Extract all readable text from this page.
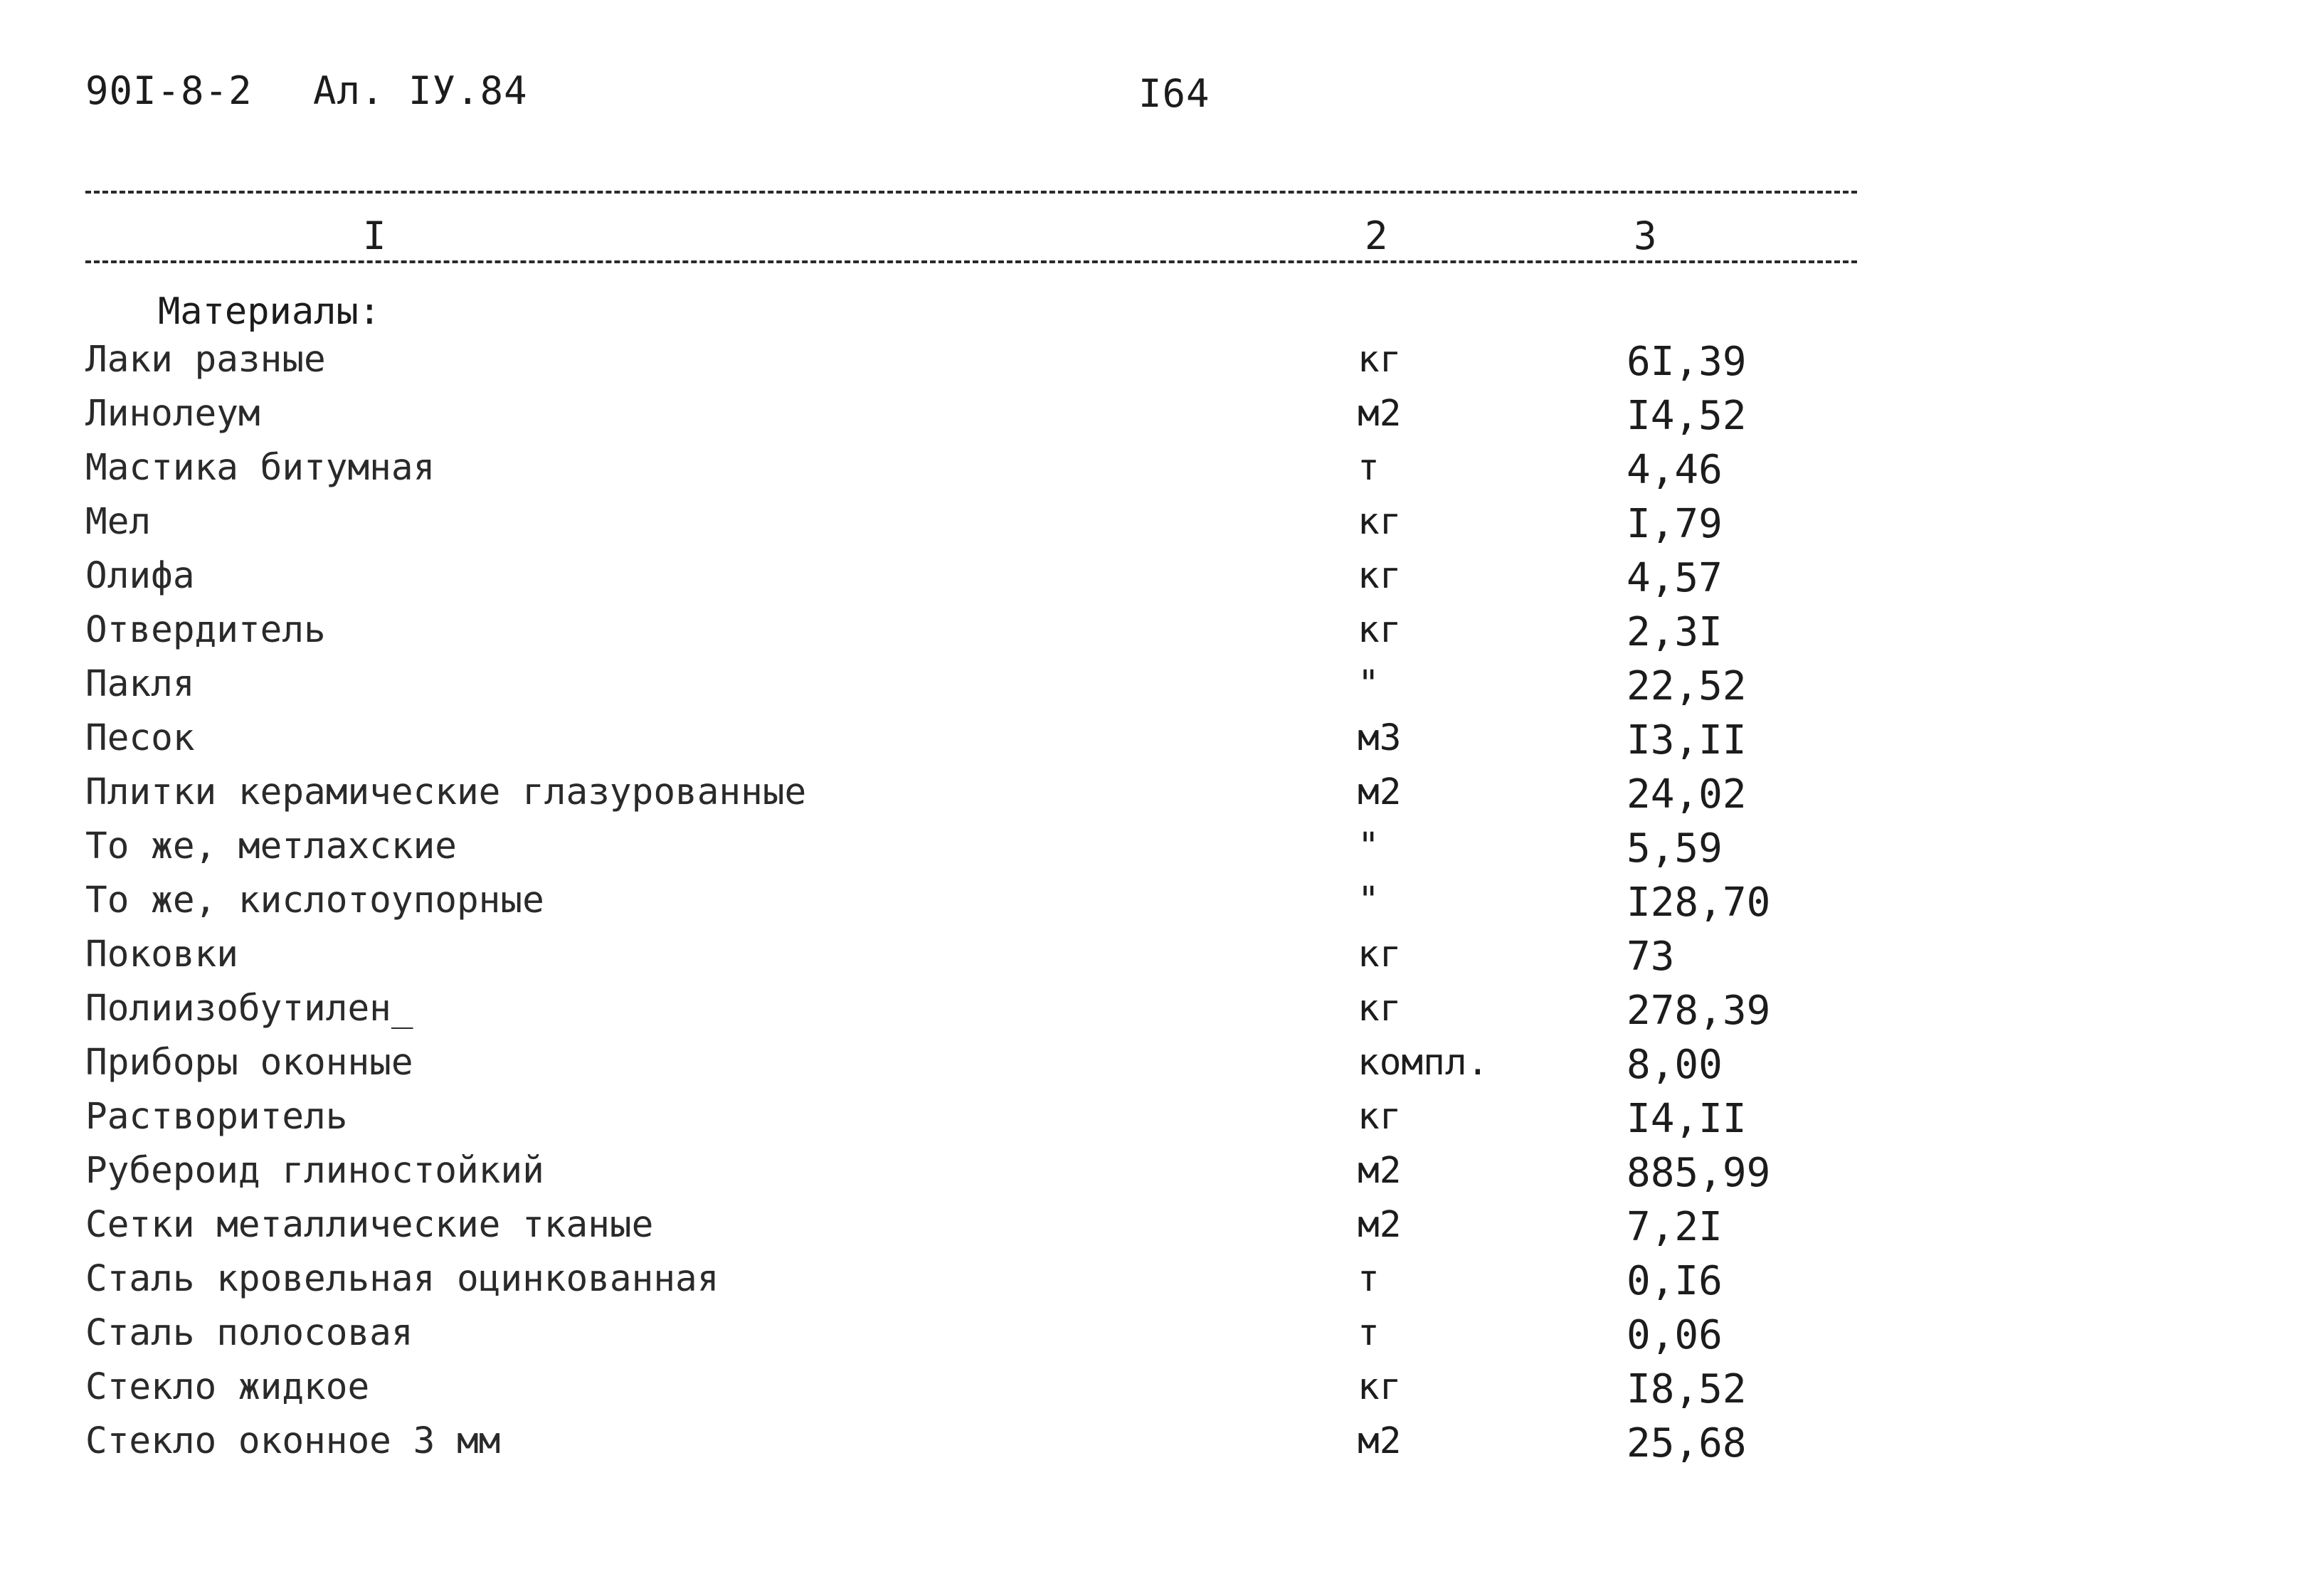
90I-8-2 Ал. IУ.84	I64
I	2	3
Материалы:
Лаки разные	кг	6I,39
Линолеум	м2	I4,52
Мастика битумная	т	4,46
Мел	кг	I,79
Олифа	кг	4,57
Отвердитель	кг	2,3I
Пакля	"	22,52
Песок	м3	I3,II
Плитки керамические глазурованные	м2	24,02
То же, метлахские	"	5,59
То же, кислотоупорные	"	I28,70
Поковки	кг	73
Полиизобутилен_	кг	278,39
Приборы оконные	компл.	8,00
Растворитель	кг	I4,II
Рубероид глиностойкий	м2	885,99
Сетки металлические тканые	м2	7,2I
Сталь кровельная оцинкованная	т	0,I6
Сталь полосовая	т	0,06
Стекло жидкое	кг	I8,52
Стекло оконное 3 мм	м2	25,68
